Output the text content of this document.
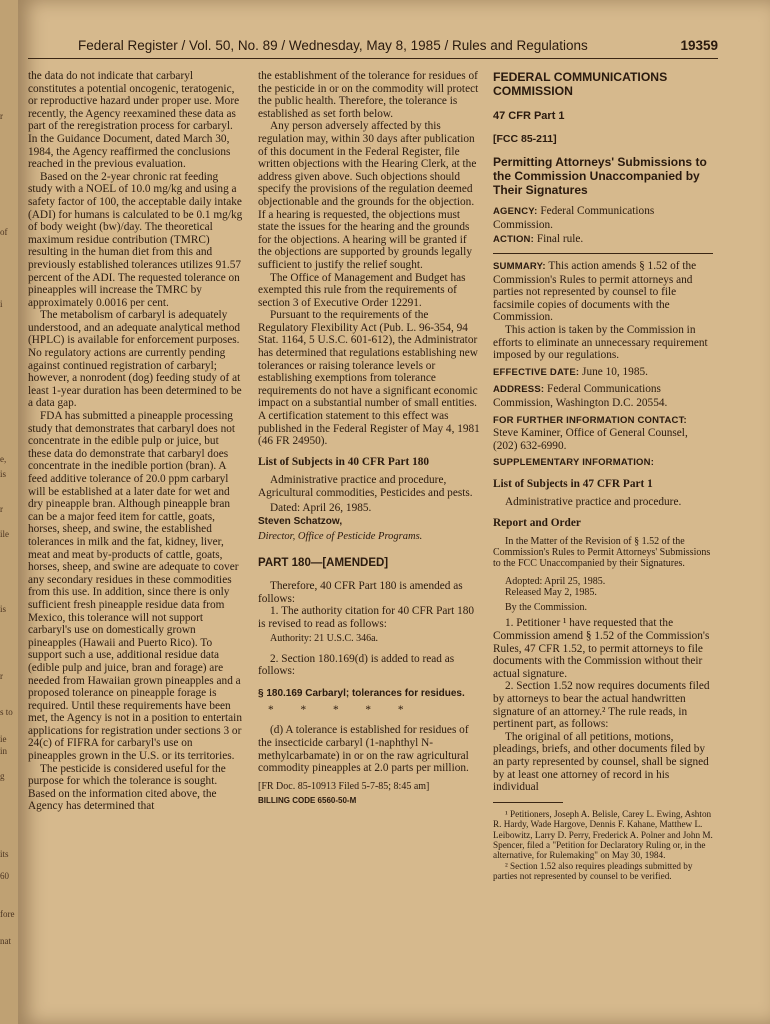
r
of
i
e,
is
r
ile
is
r
s to
ie
in
g
its
60
fore
nat
Federal Register / Vol. 50, No. 89 / Wednesday, May 8, 1985 / Rules and Regulations	19359

the data do not indicate that carbaryl constitutes a potential oncogenic, teratogenic, or reproductive hazard under proper use. More recently, the Agency reexamined these data as part of the reregistration process for carbaryl. In the Guidance Document, dated March 30, 1984, the Agency reaffirmed the conclusions reached in the previous evaluation.

Based on the 2-year chronic rat feeding study with a NOEL of 10.0 mg/kg and using a safety factor of 100, the acceptable daily intake (ADI) for humans is calculated to be 0.1 mg/kg of body weight (bw)/day. The theoretical maximum residue contribution (TMRC) resulting in the human diet from this and previously established tolerances utilizes 91.57 percent of the ADI. The requested tolerance on pineapples will increase the TMRC by approximately 0.0016 per cent.

The metabolism of carbaryl is adequately understood, and an adequate analytical method (HPLC) is available for enforcement purposes. No regulatory actions are currently pending against continued registration of carbaryl; however, a nonrodent (dog) feeding study of at least 1-year duration has been determined to be a data gap.

FDA has submitted a pineapple processing study that demonstrates that carbaryl does not concentrate in the edible pulp or juice, but these data do demonstrate that carbaryl does concentrate in the inedible portion (bran). A feed additive tolerance of 20.0 ppm carbaryl will be established at a later date for wet and dry pineapple bran. Although pineapple bran can be a major feed item for cattle, goats, horses, sheep, and swine, the established tolerances in milk and the fat, kidney, liver, meat and meat by-products of cattle, goats, horses, sheep, and swine are adequate to cover any secondary residues in these commodities from this use. In addition, since there is only sufficient fresh pineapple residue data from Mexico, this tolerance will not support carbaryl's use on domestically grown pineapples (Hawaii and Puerto Rico). To support such a use, additional residue data (edible pulp and juice, bran and forage) are needed from Hawaiian grown pineapples and a proposed tolerance on pineapple forage is required. Until these requirements have been met, the Agency is not in a position to entertain applications for registration under sections 3 or 24(c) of FIFRA for carbaryl's use on pineapples grown in the U.S. or its territories.

The pesticide is considered useful for the purpose for which the tolerance is sought. Based on the information cited above, the Agency has determined that

the establishment of the tolerance for residues of the pesticide in or on the commodity will protect the public health. Therefore, the tolerance is established as set forth below.

Any person adversely affected by this regulation may, within 30 days after publication of this document in the Federal Register, file written objections with the Hearing Clerk, at the address given above. Such objections should specify the provisions of the regulation deemed objectionable and the grounds for the objection. If a hearing is requested, the objections must state the issues for the hearing and the grounds for the objections. A hearing will be granted if the objections are supported by grounds legally sufficient to justify the relief sought.

The Office of Management and Budget has exempted this rule from the requirements of section 3 of Executive Order 12291.

Pursuant to the requirements of the Regulatory Flexibility Act (Pub. L. 96-354, 94 Stat. 1164, 5 U.S.C. 601-612), the Administrator has determined that regulations establishing new tolerances or raising tolerance levels or establishing exemptions from tolerance requirements do not have a significant economic impact on a substantial number of small entities. A certification statement to this effect was published in the Federal Register of May 4, 1981 (46 FR 24950).

List of Subjects in 40 CFR Part 180

Administrative practice and procedure, Agricultural commodities, Pesticides and pests.

Dated: April 26, 1985.

Steven Schatzow,
Director, Office of Pesticide Programs.
PART 180—[AMENDED]

Therefore, 40 CFR Part 180 is amended as follows:

1. The authority citation for 40 CFR Part 180 is revised to read as follows:

Authority: 21 U.S.C. 346a.

2. Section 180.169(d) is added to read as follows:

§ 180.169 Carbaryl; tolerances for residues.
* * * * *

(d) A tolerance is established for residues of the insecticide carbaryl (1-naphthyl N-methylcarbamate) in or on the raw agricultural commodity pineapples at 2.0 parts per million.

[FR Doc. 85-10913 Filed 5-7-85; 8:45 am]
BILLING CODE 6560-50-M
FEDERAL COMMUNICATIONS COMMISSION
47 CFR Part 1
[FCC 85-211]
Permitting Attorneys' Submissions to the Commission Unaccompanied by Their Signatures

AGENCY: Federal Communications Commission.

ACTION: Final rule.

SUMMARY: This action amends § 1.52 of the Commission's Rules to permit attorneys and parties not represented by counsel to file facsimile copies of documents with the Commission.

This action is taken by the Commission in efforts to eliminate an unnecessary requirement imposed by our regulations.

EFFECTIVE DATE: June 10, 1985.

ADDRESS: Federal Communications Commission, Washington D.C. 20554.

FOR FURTHER INFORMATION CONTACT:

Steve Kaminer, Office of General Counsel, (202) 632-6990.

SUPPLEMENTARY INFORMATION:

List of Subjects in 47 CFR Part 1

Administrative practice and procedure.

Report and Order

In the Matter of the Revision of § 1.52 of the Commission's Rules to Permit Attorneys' Submissions to the FCC Unaccompanied by their Signatures.

Adopted: April 25, 1985.

Released May 2, 1985.

By the Commission.

1. Petitioner ¹ have requested that the Commission amend § 1.52 of the Commission's Rules, 47 CFR 1.52, to permit attorneys to file documents with the Commission without their actual signature.

2. Section 1.52 now requires documents filed by attorneys to bear the actual handwritten signature of an attorney.² The rule reads, in pertinent part, as follows:

The original of all petitions, motions, pleadings, briefs, and other documents filed by an party represented by counsel, shall be signed by at least one attorney of record in his individual

¹ Petitioners, Joseph A. Belisle, Carey L. Ewing, Ashton R. Hardy, Wade Hargove, Dennis F. Kahane, Matthew L. Leibowitz, Larry D. Perry, Frederick A. Polner and John M. Spencer, filed a "Petition for Declaratory Ruling or, in the alternative, for Rulemaking" on May 30, 1984.

² Section 1.52 also requires pleadings submitted by parties not represented by counsel to be verified.
